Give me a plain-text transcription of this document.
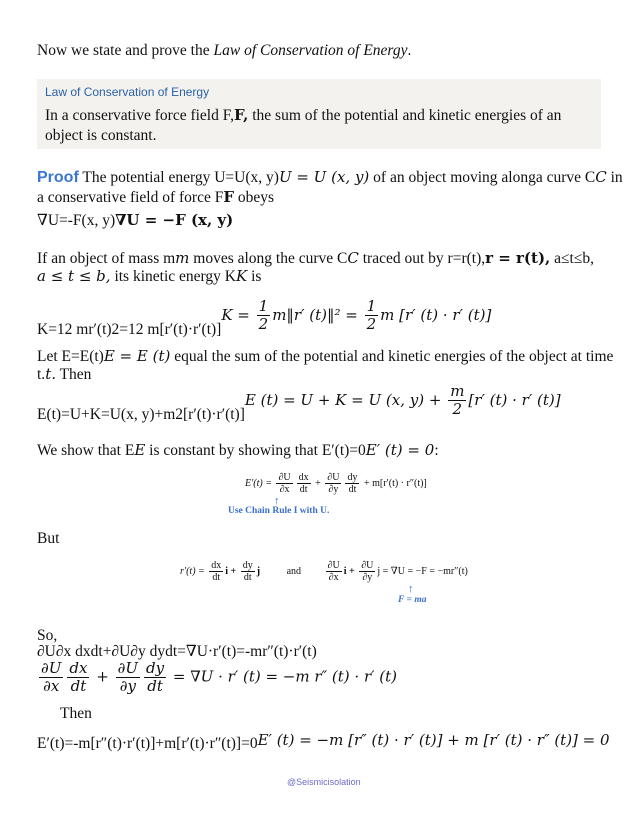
Now we state and prove the Law of Conservation of Energy.
Law of Conservation of Energy
In a conservative force field F,F, the sum of the potential and kinetic energies of an object is constant.
Proof The potential energy U=U(x, y)U = U (x, y) of an object moving alonga curve CC in
a conservative field of force FF obeys
∇U=-F(x, y)∇U = −F (x, y)
If an object of mass mm moves along the curve CC traced out by r=r(t),r = r(t), a≤t≤b,
a ≤ t ≤ b, its kinetic energy KK is
K=12 mr′(t)2=12 $m[r'(t)\cdot r'(t)]K = \frac{1}{2}$ m‖r′ (t)‖² = $\frac{1}{2}$ m [r′ (t) · r′ (t)]
Let E=E(t)E = E (t) equal the sum of the potential and kinetic energies of the object at time
t.t. Then
E(t)=U+K=U(x, y)+m2[r′(t)·r′(t)]E (t) = U + K = U (x, $y) + \frac{m}{2} [r'$ (t) · r′ (t)]
We show that EE is constant by showing that E′(t)=0E′ (t) = 0:
$E'(t) = \frac{\partial U}{\partial x} \frac{dx}{dt} + \frac{\partial U}{\partial y} \frac{dy}{dt} + m[r'(t) \cdot r''(t)]$
↑
Use Chain Rule I with U.
But
$r'(t) = \frac{dx}{dt}$ $i + \frac{dy}{dt}$ j	and $\frac{\partial U}{\partial x}$ $i + \frac{\partial U}{\partial y}$ j = ∇U = −F = −mr″(t)
↑
F = ma
So,
∂U∂x dxdt+∂U∂y dydt=∇U·r′(t)=-mr″(t)·r′(t)
$\frac{\partial U}{\partial x} \frac{dx}{dt} + \frac{\partial U}{\partial y} \frac{dy}{dt} = \nabla U \cdot r'$ (t) = −m r″ (t) · r′ (t)
Then
E′(t)=-m[r″(t)·r′(t)]+m[r′(t)·r″(t)]=0E′ (t) = −m [r″ (t) · r′ (t)] + m [r′ (t) · r″ (t)] = 0
@Seismicisolation
